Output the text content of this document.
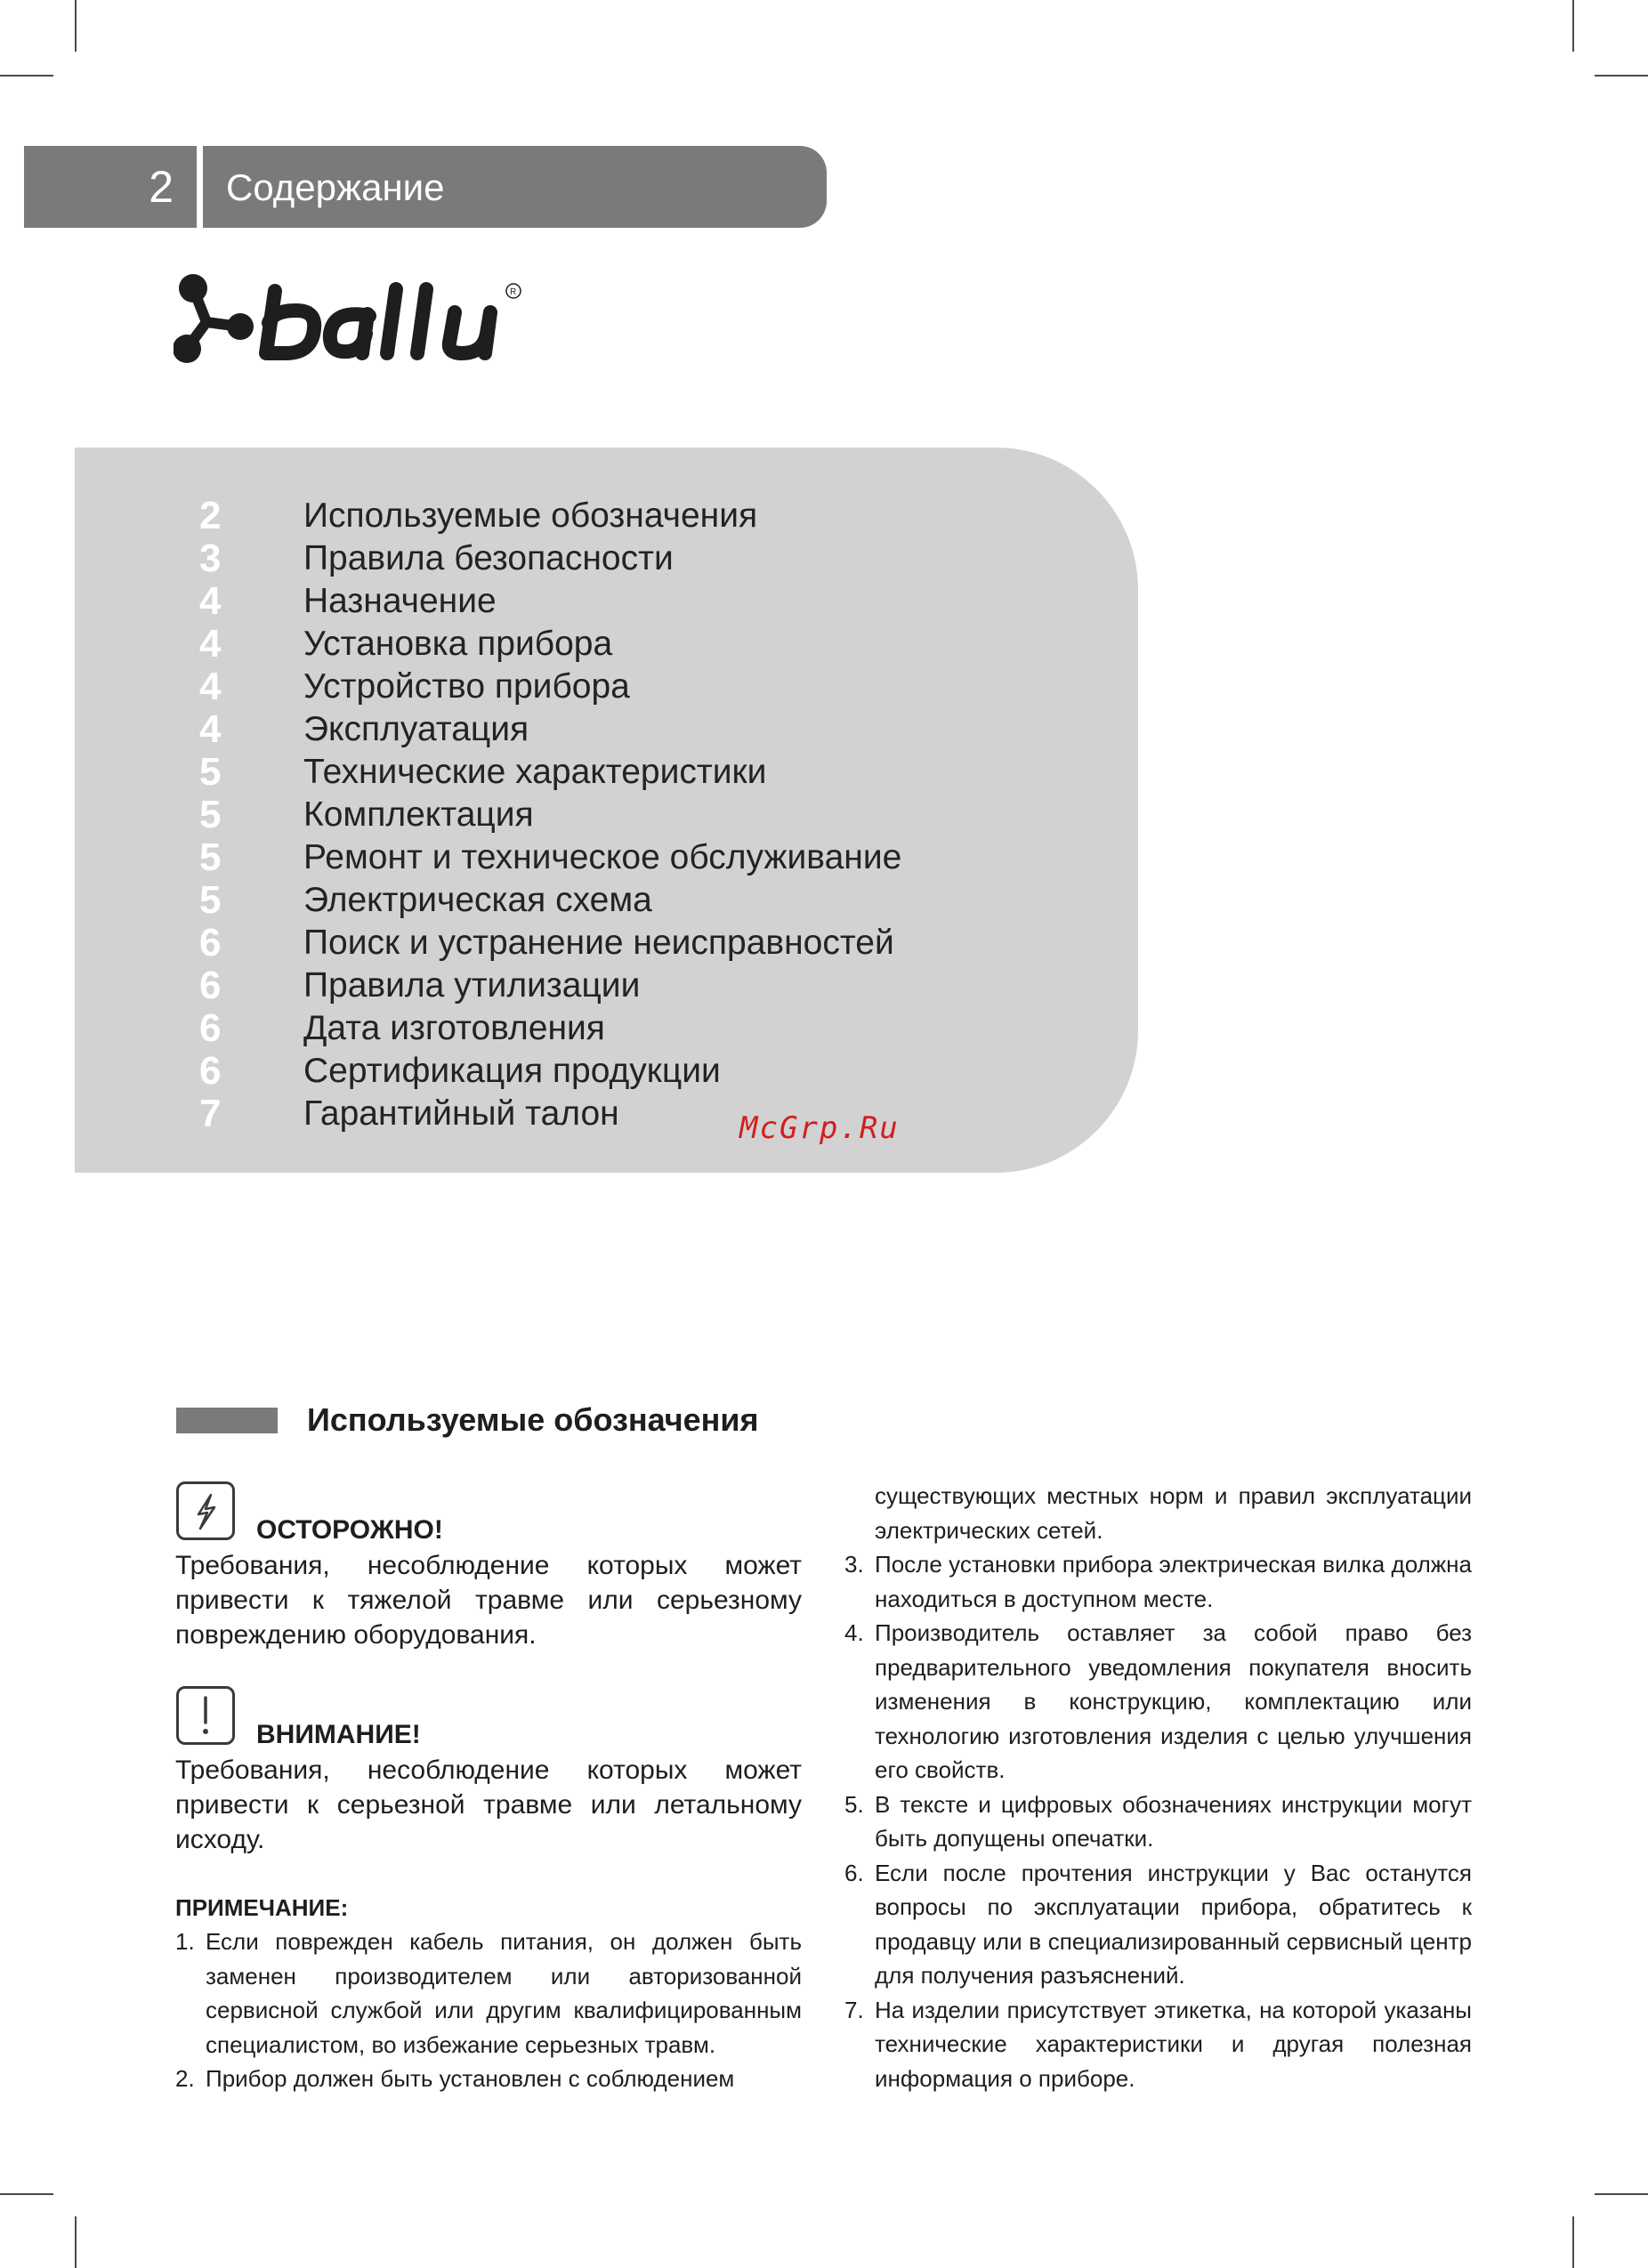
2 Содержание
R
2 Используемые обозначения
3 Правила безопасности
4 Назначение
4 Установка прибора
4 Устройство прибора
4 Эксплуатация
5 Технические характеристики
5 Комплектация
5 Ремонт и техническое обслуживание
5 Электрическая схема
6 Поиск и устранение неисправностей
6 Правила утилизации
6 Дата изготовления
6 Сертификация продукции
7 Гарантийный талон	McGrp.Ru
Используемые обозначения
ОСТОРОЖНО!
Требования, несоблюдение которых может привести к тяжелой травме или серьезному повреждению оборудования.
ВНИМАНИЕ!
Требования, несоблюдение которых может привести к серьезной травме или летальному исходу.
ПРИМЕЧАНИЕ:
1. Если поврежден кабель питания, он должен быть заменен производителем или авторизованной сервисной службой или другим квалифицированным специалистом, во избежание серьезных травм.
2. Прибор должен быть установлен с соблюдением
существующих местных норм и правил эксплуатации электрических сетей.
3. После установки прибора электрическая вилка должна находиться в доступном месте.
4. Производитель оставляет за собой право без предварительного уведомления покупателя вносить изменения в конструкцию, комплектацию или технологию изготовления изделия с целью улучшения его свойств.
5. В тексте и цифровых обозначениях инструкции могут быть допущены опечатки.
6. Если после прочтения инструкции у Вас останутся вопросы по эксплуатации прибора, обратитесь к продавцу или в специализированный сервисный центр для получения разъяснений.
7. На изделии присутствует этикетка, на которой указаны технические характеристики и другая полезная информация о приборе.
